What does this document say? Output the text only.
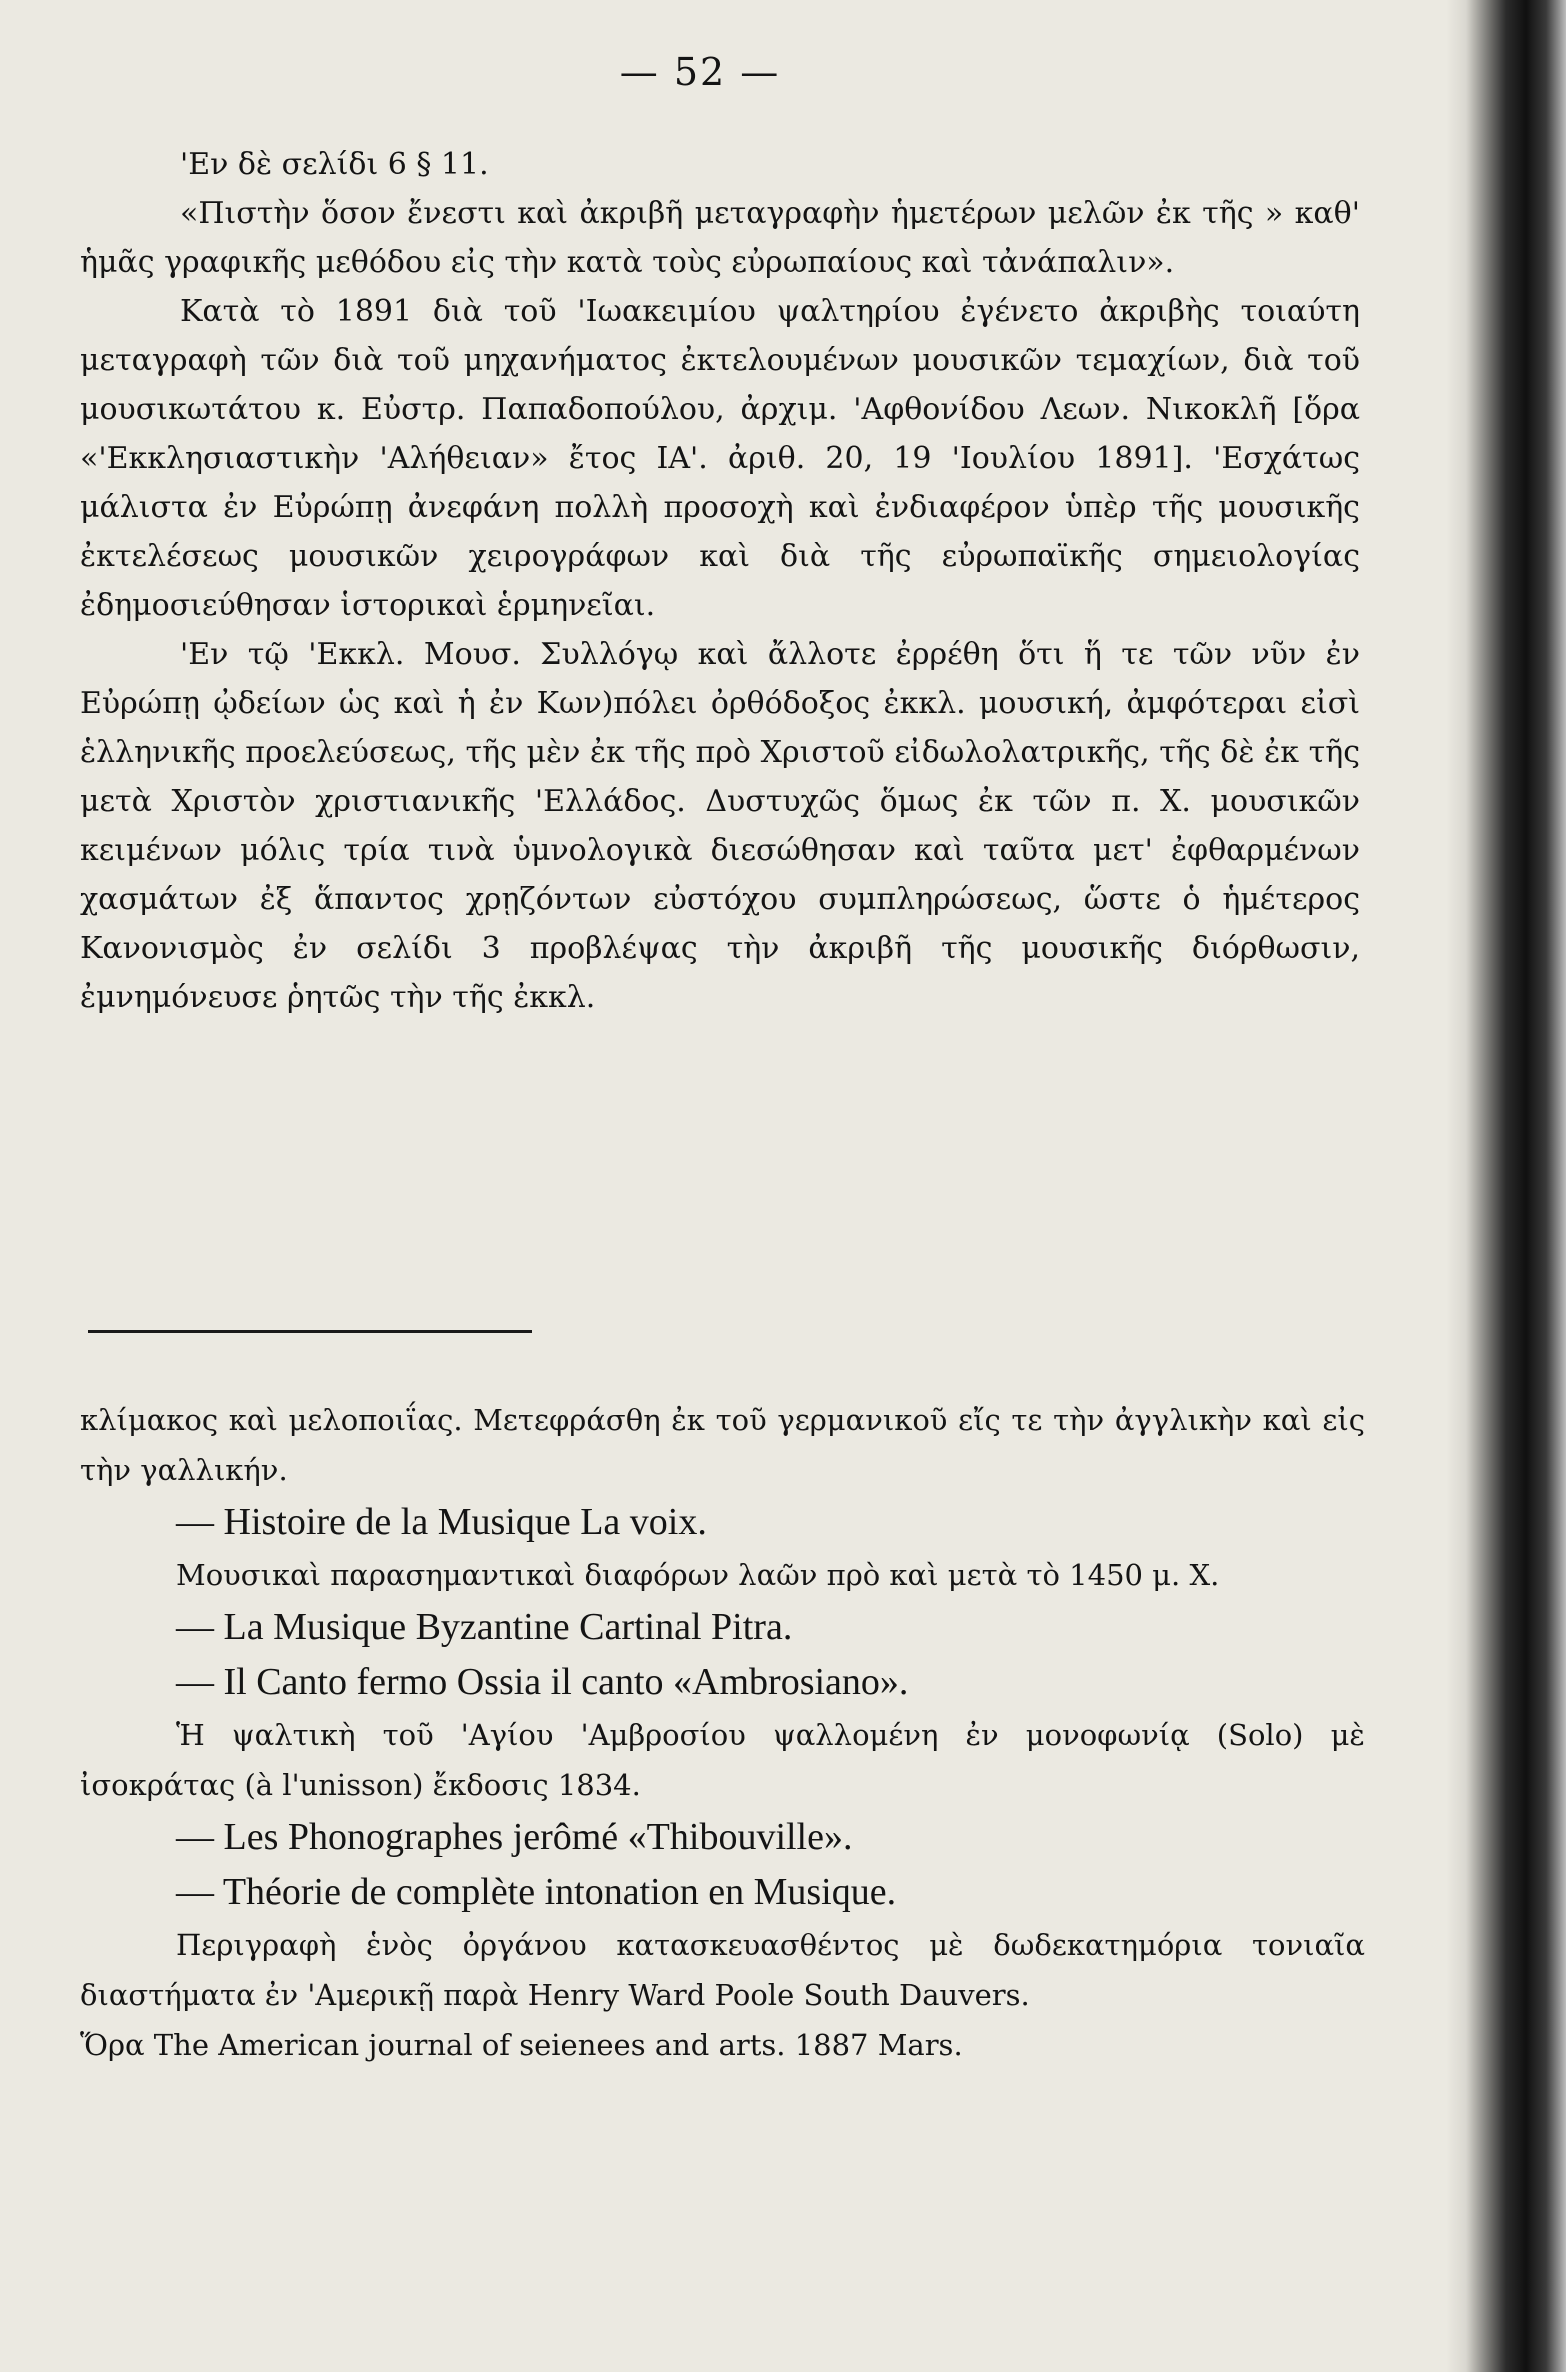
— 52 —

'Εν δὲ σελίδι 6 § 11.

«Πιστὴν ὅσον ἔνεστι καὶ ἀκριβῆ μεταγραφὴν ἡμετέρων μελῶν ἐκ τῆς » καθ' ἡμᾶς γραφικῆς μεθόδου εἰς τὴν κατὰ τοὺς εὐρωπαίους καὶ τἀνάπαλιν».

Κατὰ τὸ 1891 διὰ τοῦ 'Ιωακειμίου ψαλτηρίου ἐγένετο ἀκριβὴς τοιαύτη μεταγραφὴ τῶν διὰ τοῦ μηχανήματος ἐκτελουμένων μουσικῶν τεμαχίων, διὰ τοῦ μουσικωτάτου κ. Εὐστρ. Παπαδοπούλου, ἀρχιμ. 'Αφθονίδου Λεων. Νικοκλῆ [ὅρα «'Εκκλησιαστικὴν 'Αλήθειαν» ἔτος ΙΑ'. ἀριθ. 20, 19 'Ιουλίου 1891]. 'Εσχάτως μάλιστα ἐν Εὐρώπῃ ἀνεφάνη πολλὴ προσοχὴ καὶ ἐνδιαφέρον ὑπὲρ τῆς μουσικῆς ἐκτελέσεως μουσικῶν χειρογράφων καὶ διὰ τῆς εὐρωπαϊκῆς σημειολογίας ἐδημοσιεύθησαν ἱστορικαὶ ἑρμηνεῖαι.

'Εν τῷ 'Εκκλ. Μουσ. Συλλόγῳ καὶ ἄλλοτε ἐρρέθη ὅτι ἥ τε τῶν νῦν ἐν Εὐρώπῃ ᾠδείων ὡς καὶ ἡ ἐν Κων)πόλει ὀρθόδοξος ἐκκλ. μουσική, ἀμφότεραι εἰσὶ ἑλληνικῆς προελεύσεως, τῆς μὲν ἐκ τῆς πρὸ Χριστοῦ εἰδωλολατρικῆς, τῆς δὲ ἐκ τῆς μετὰ Χριστὸν χριστιανικῆς 'Ελλάδος. Δυστυχῶς ὅμως ἐκ τῶν π. Χ. μουσικῶν κειμένων μόλις τρία τινὰ ὑμνολογικὰ διεσώθησαν καὶ ταῦτα μετ' ἐφθαρμένων χασμάτων ἐξ ἅπαντος χρῃζόντων εὐστόχου συμπληρώσεως, ὥστε ὁ ἡμέτερος Κανονισμὸς ἐν σελίδι 3 προβλέψας τὴν ἀκριβῆ τῆς μουσικῆς διόρθωσιν, ἐμνημόνευσε ῥητῶς τὴν τῆς ἐκκλ.

κλίμακος καὶ μελοποιΐας. Μετεφράσθη ἐκ τοῦ γερμανικοῦ εἴς τε τὴν ἀγγλικὴν καὶ εἰς τὴν γαλλικήν.

— Histoire de la Musique La voix.

Μουσικαὶ παρασημαντικαὶ διαφόρων λαῶν πρὸ καὶ μετὰ τὸ 1450 μ. Χ.

— La Musique Byzantine Cartinal Pitra.

— Il Canto fermo Ossia il canto «Ambrosiano».

Ἡ ψαλτικὴ τοῦ 'Αγίου 'Αμβροσίου ψαλλομένη ἐν μονοφωνίᾳ (Solo) μὲ ἰσοκράτας (à l'unisson) ἔκδοσις 1834.

— Les Phonographes jerômé «Thibouville».

— Théorie de complète intonation en Musique.

Περιγραφὴ ἑνὸς ὀργάνου κατασκευασθέντος μὲ δωδεκατημόρια τονιαῖα διαστήματα ἐν 'Αμερικῇ παρὰ Henry Ward Poole South Dauvers.

Ὅρα The American journal of seienees and arts. 1887 Mars.
